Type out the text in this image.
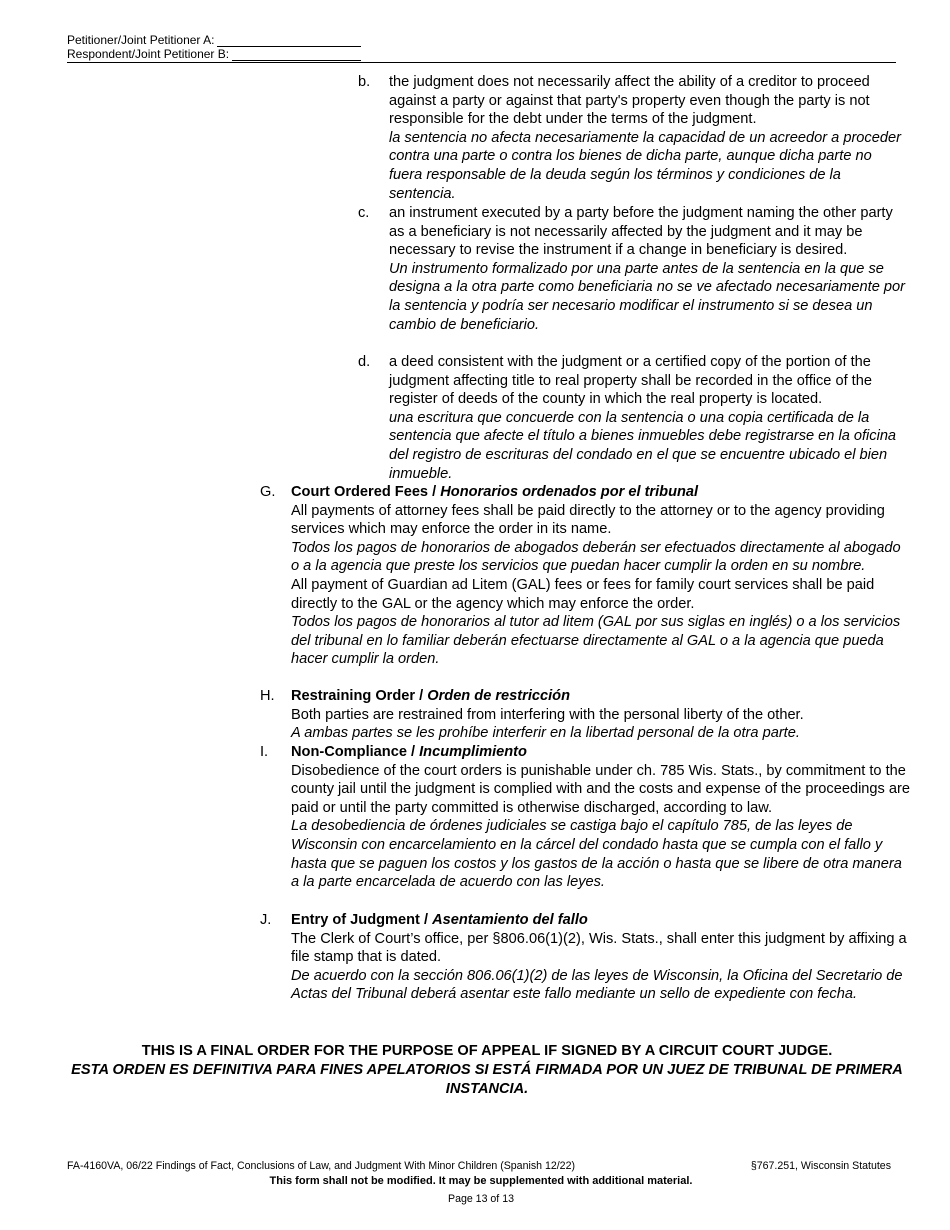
Petitioner/Joint Petitioner A:
Respondent/Joint Petitioner B:
b. the judgment does not necessarily affect the ability of a creditor to proceed against a party or against that party's property even though the party is not responsible for the debt under the terms of the judgment.
la sentencia no afecta necesariamente la capacidad de un acreedor a proceder contra una parte o contra los bienes de dicha parte, aunque dicha parte no fuera responsable de la deuda según los términos y condiciones de la sentencia.
c. an instrument executed by a party before the judgment naming the other party as a beneficiary is not necessarily affected by the judgment and it may be necessary to revise the instrument if a change in beneficiary is desired.
Un instrumento formalizado por una parte antes de la sentencia en la que se designa a la otra parte como beneficiaria no se ve afectado necesariamente por la sentencia y podría ser necesario modificar el instrumento si se desea un cambio de beneficiario.
d. a deed consistent with the judgment or a certified copy of the portion of the judgment affecting title to real property shall be recorded in the office of the register of deeds of the county in which the real property is located.
una escritura que concuerde con la sentencia o una copia certificada de la sentencia que afecte el título a bienes inmuebles debe registrarse en la oficina del registro de escrituras del condado en el que se encuentre ubicado el bien inmueble.
G. Court Ordered Fees / Honorarios ordenados por el tribunal
All payments of attorney fees shall be paid directly to the attorney or to the agency providing services which may enforce the order in its name.
Todos los pagos de honorarios de abogados deberán ser efectuados directamente al abogado o a la agencia que preste los servicios que puedan hacer cumplir la orden en su nombre.
All payment of Guardian ad Litem (GAL) fees or fees for family court services shall be paid directly to the GAL or the agency which may enforce the order.
Todos los pagos de honorarios al tutor ad litem (GAL por sus siglas en inglés) o a los servicios del tribunal en lo familiar deberán efectuarse directamente al GAL o a la agencia que pueda hacer cumplir la orden.
H. Restraining Order / Orden de restricción
Both parties are restrained from interfering with the personal liberty of the other.
A ambas partes se les prohíbe interferir en la libertad personal de la otra parte.
I. Non-Compliance / Incumplimiento
Disobedience of the court orders is punishable under ch. 785 Wis. Stats., by commitment to the county jail until the judgment is complied with and the costs and expense of the proceedings are paid or until the party committed is otherwise discharged, according to law.
La desobediencia de órdenes judiciales se castiga bajo el capítulo 785, de las leyes de Wisconsin con encarcelamiento en la cárcel del condado hasta que se cumpla con el fallo y hasta que se paguen los costos y los gastos de la acción o hasta que se libere de otra manera a la parte encarcelada de acuerdo con las leyes.
J. Entry of Judgment / Asentamiento del fallo
The Clerk of Court’s office, per §806.06(1)(2), Wis. Stats., shall enter this judgment by affixing a file stamp that is dated.
De acuerdo con la sección 806.06(1)(2) de las leyes de Wisconsin, la Oficina del Secretario de Actas del Tribunal deberá asentar este fallo mediante un sello de expediente con fecha.
THIS IS A FINAL ORDER FOR THE PURPOSE OF APPEAL IF SIGNED BY A CIRCUIT COURT JUDGE.
ESTA ORDEN ES DEFINITIVA PARA FINES APELATORIOS SI ESTÁ FIRMADA POR UN JUEZ DE TRIBUNAL DE PRIMERA INSTANCIA.
FA-4160VA, 06/22 Findings of Fact, Conclusions of Law, and Judgment With Minor Children (Spanish 12/22)	§767.251, Wisconsin Statutes
This form shall not be modified. It may be supplemented with additional material.
Page 13 of 13
